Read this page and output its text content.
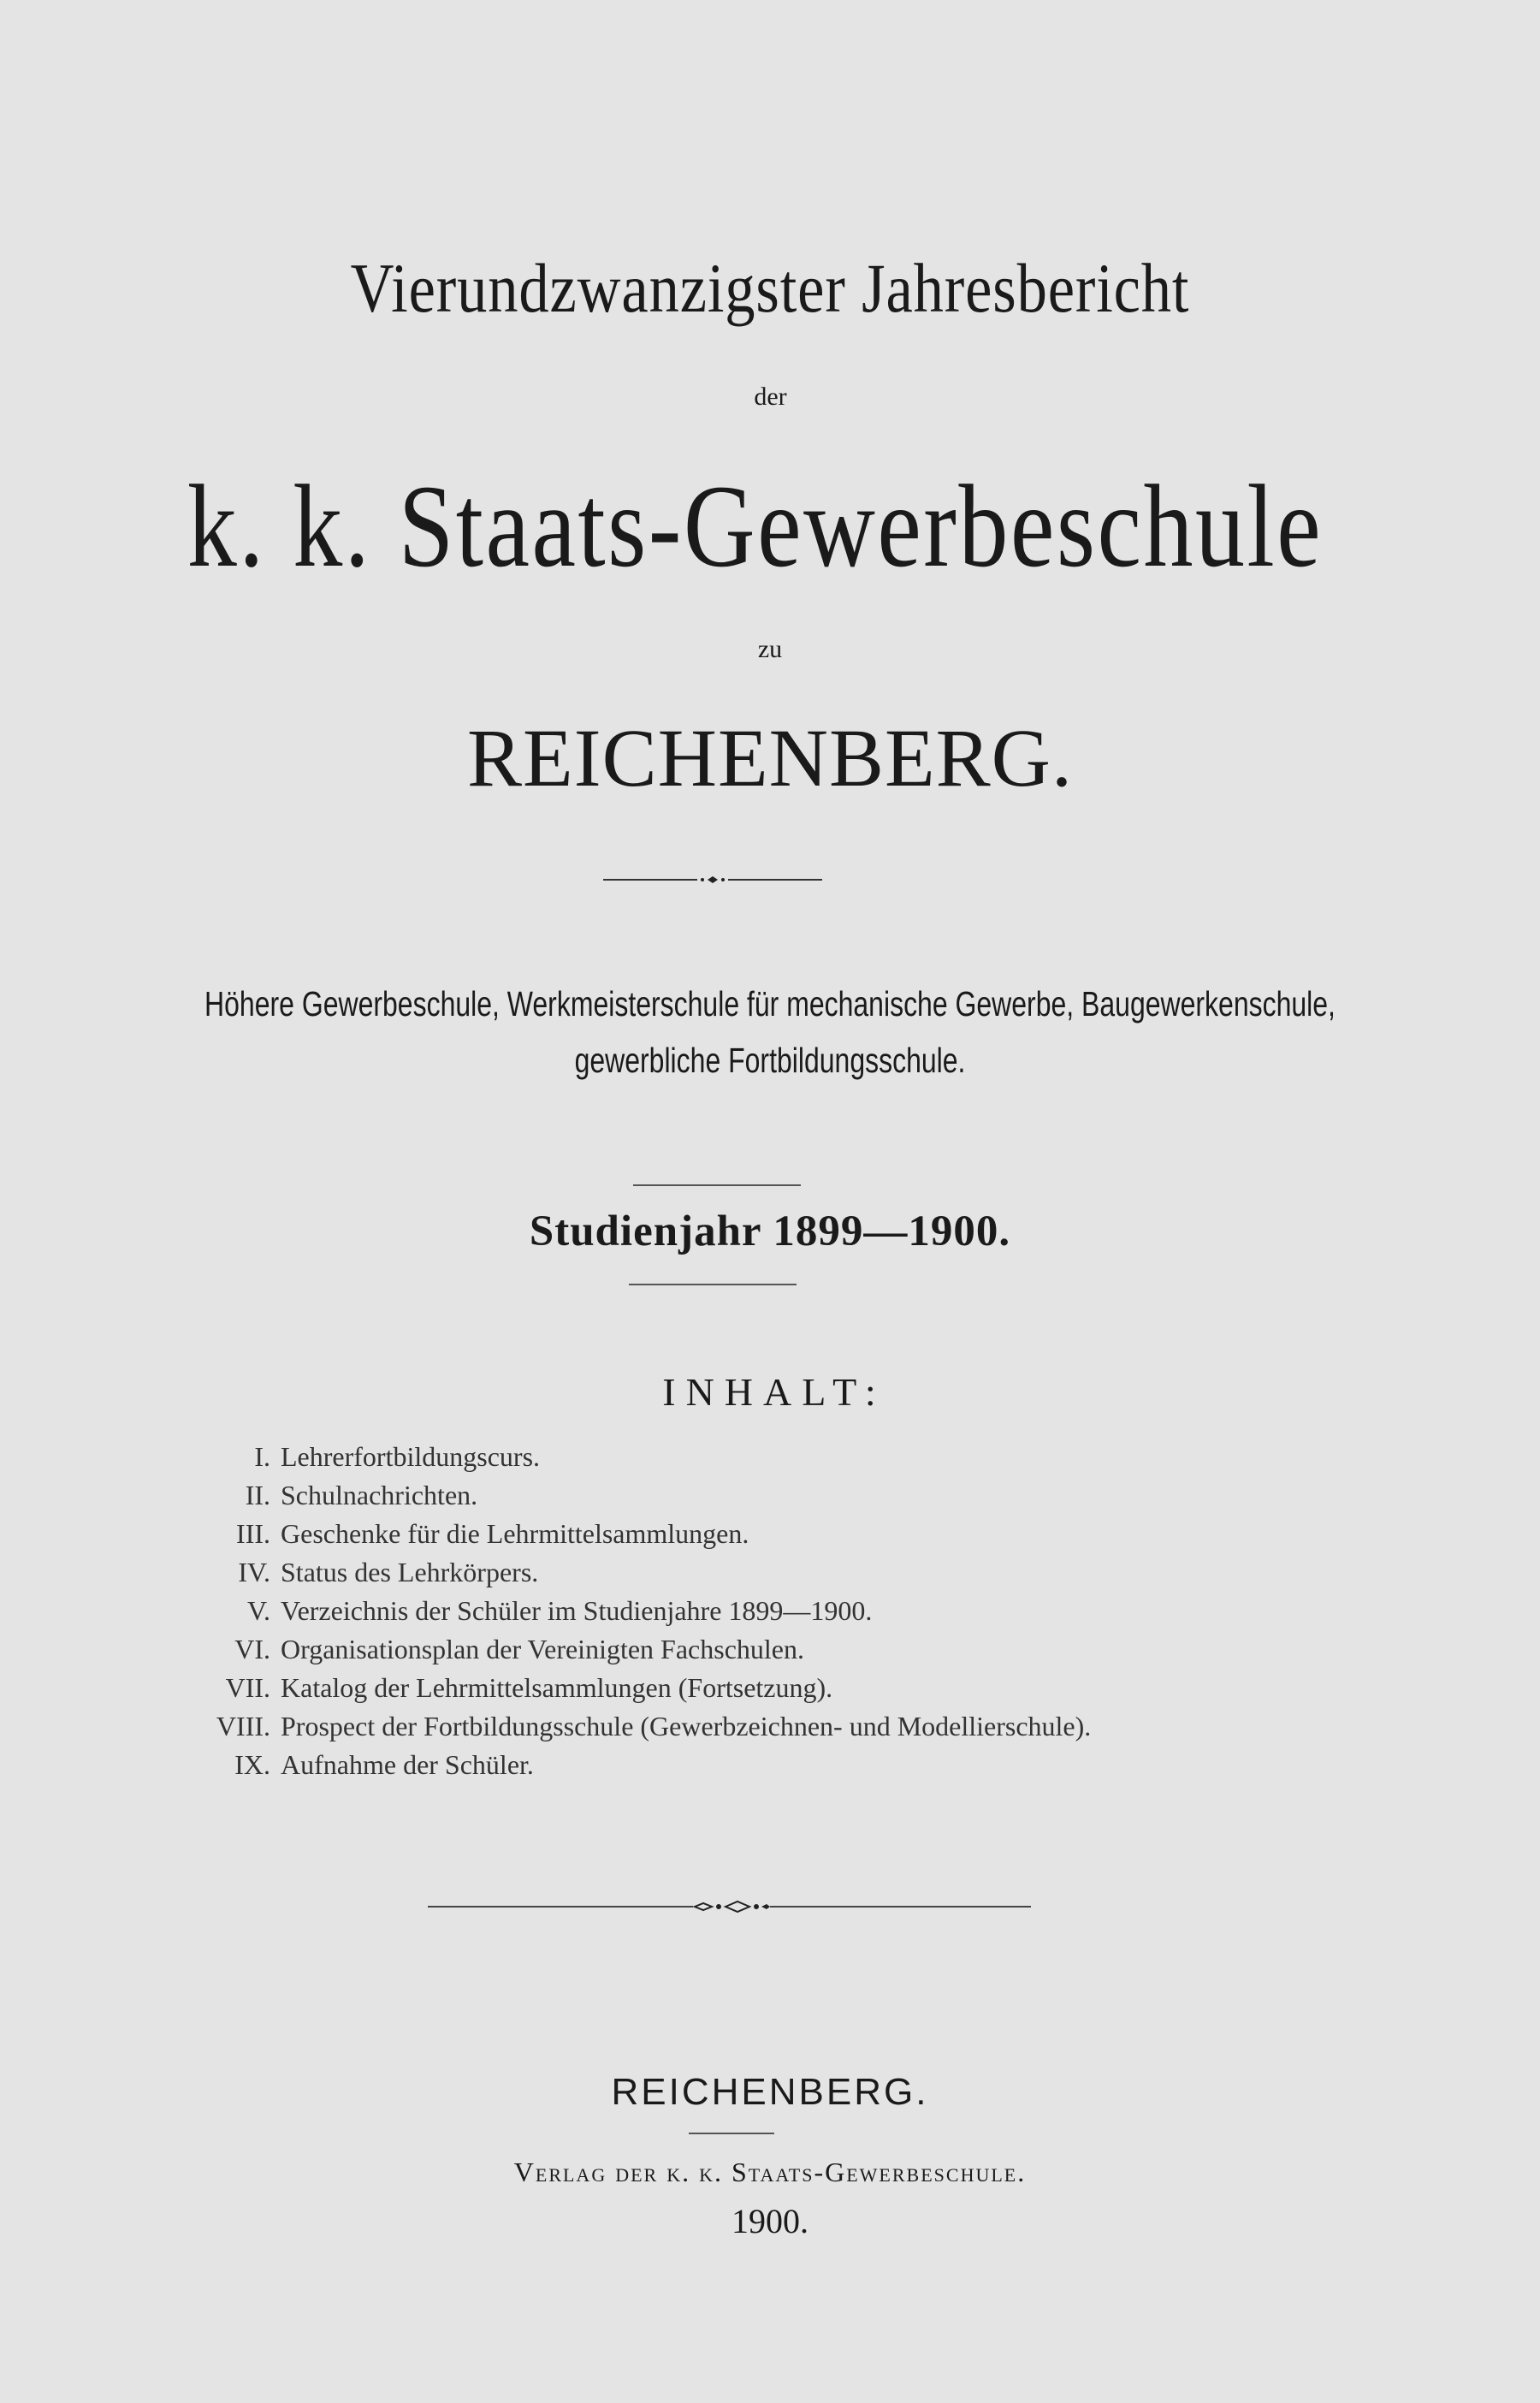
Vierundzwanzigster Jahresbericht
der
k. k. Staats-Gewerbeschule
zu
REICHENBERG.
Höhere Gewerbeschule, Werkmeisterschule für mechanische Gewerbe, Baugewerkenschule,
gewerbliche Fortbildungsschule.
Studienjahr 1899—1900.
INHALT:
I. Lehrerfortbildungscurs.
II. Schulnachrichten.
III. Geschenke für die Lehrmittelsammlungen.
IV. Status des Lehrkörpers.
V. Verzeichnis der Schüler im Studienjahre 1899—1900.
VI. Organisationsplan der Vereinigten Fachschulen.
VII. Katalog der Lehrmittelsammlungen (Fortsetzung).
VIII. Prospect der Fortbildungsschule (Gewerbzeichnen- und Modellierschule).
IX. Aufnahme der Schüler.
REICHENBERG.
Verlag der k. k. Staats-Gewerbeschule.
1900.
